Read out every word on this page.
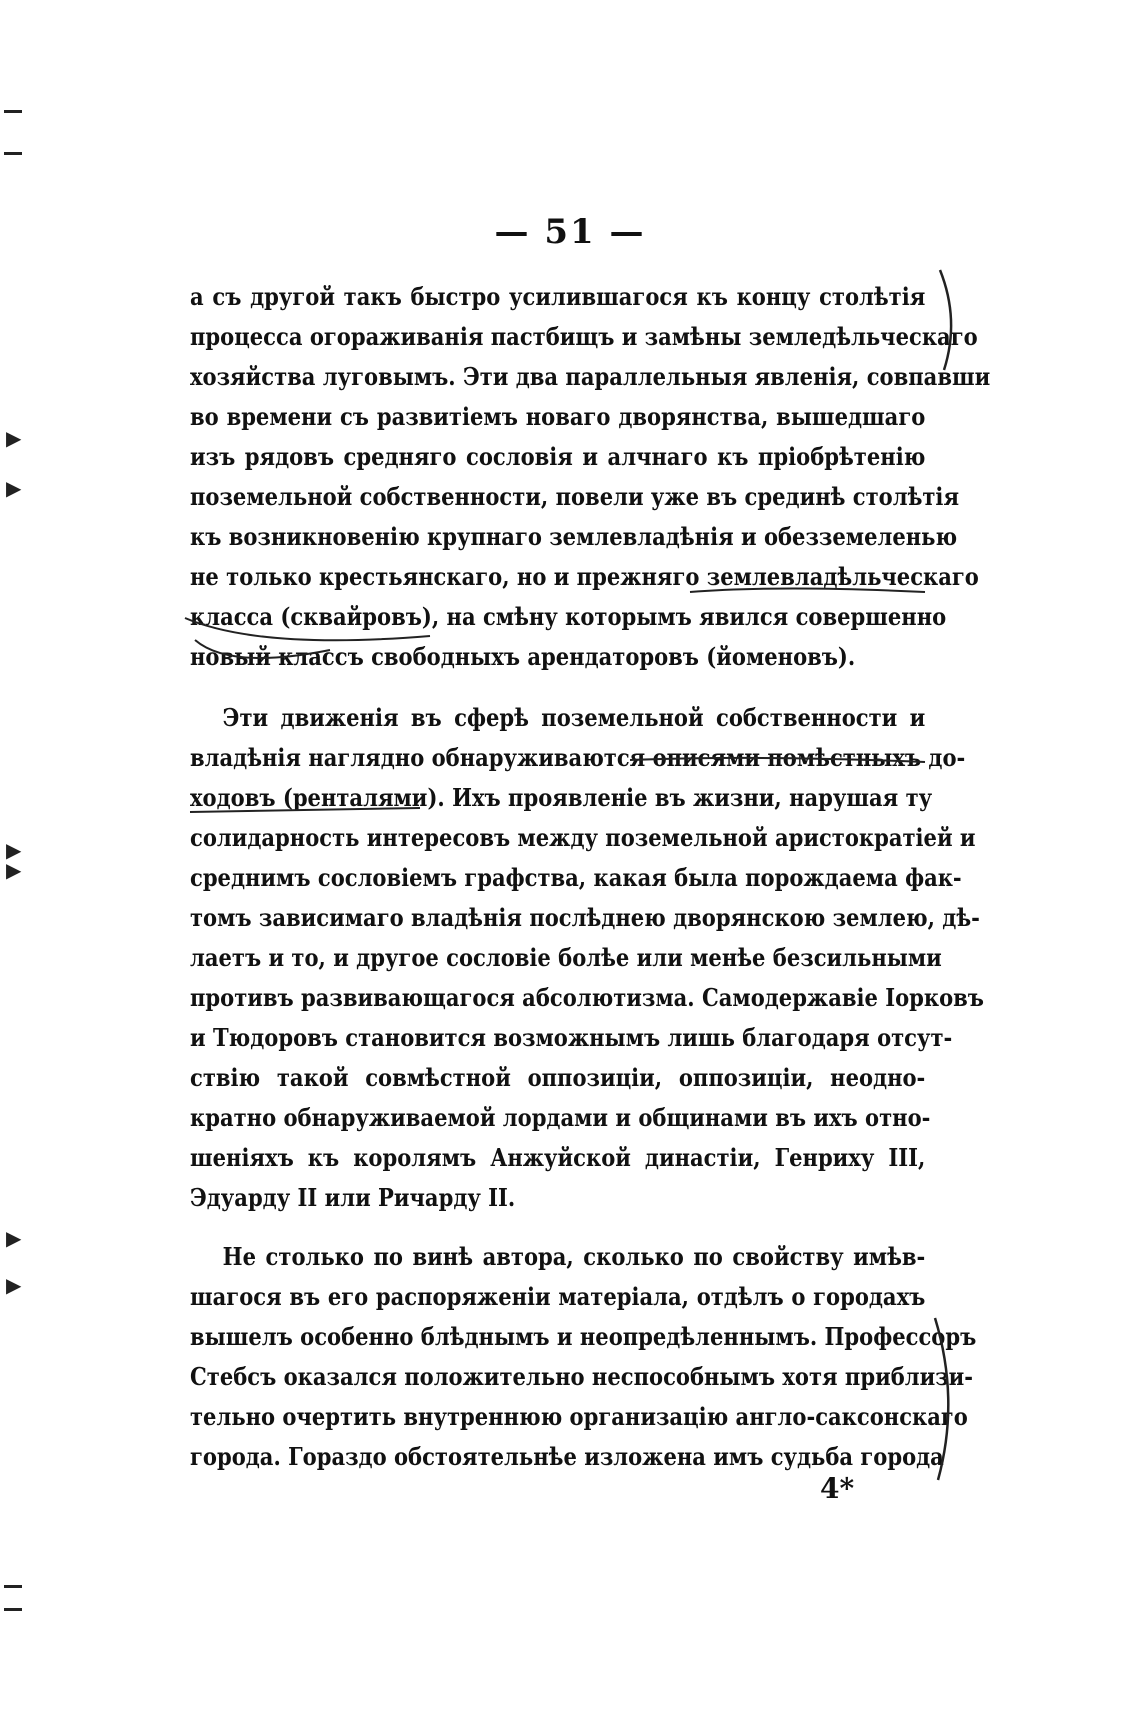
▶
▶
▶
▶
▶
▶
— 51 —
а съ другой такъ быстро усилившагося къ концу столѣтія
процесса огораживанія пастбищъ и замѣны земледѣльческаго
хозяйства луговымъ. Эти два параллельныя явленія, совпавши
во времени съ развитіемъ новаго дворянства, вышедшаго
изъ рядовъ средняго сословія и алчнаго къ пріобрѣтенію
поземельной собственности, повели уже въ срединѣ столѣтія
къ возникновенію крупнаго землевладѣнія и обезземеленью
не только крестьянскаго, но и прежняго землевладѣльческаго
класса (сквайровъ), на смѣну которымъ явился совершенно
новый классъ свободныхъ арендаторовъ (йоменовъ).
Эти движенія въ сферѣ поземельной собственности и
владѣнія наглядно обнаруживаются описями помѣстныхъ до-
ходовъ (ренталями). Ихъ проявленіе въ жизни, нарушая ту
солидарность интересовъ между поземельной аристократіей и
среднимъ сословіемъ графства, какая была порождаема фак-
томъ зависимаго владѣнія послѣднею дворянскою землею, дѣ-
лаетъ и то, и другое сословіе болѣе или менѣе безсильными
противъ развивающагося абсолютизма. Самодержавіе Іорковъ
и Тюдоровъ становится возможнымъ лишь благодаря отсут-
ствію такой совмѣстной оппозиціи, оппозиціи, неодно-
кратно обнаруживаемой лордами и общинами въ ихъ отно-
шеніяхъ къ королямъ Анжуйской династіи, Генриху III,
Эдуарду II или Ричарду II.
Не столько по винѣ автора, сколько по свойству имѣв-
шагося въ его распоряженіи матеріала, отдѣлъ о городахъ
вышелъ особенно блѣднымъ и неопредѣленнымъ. Профессоръ
Стебсъ оказался положительно неспособнымъ хотя приблизи-
тельно очертить внутреннюю организацію англо-саксонскаго
города. Гораздо обстоятельнѣе изложена имъ судьба города
4*
